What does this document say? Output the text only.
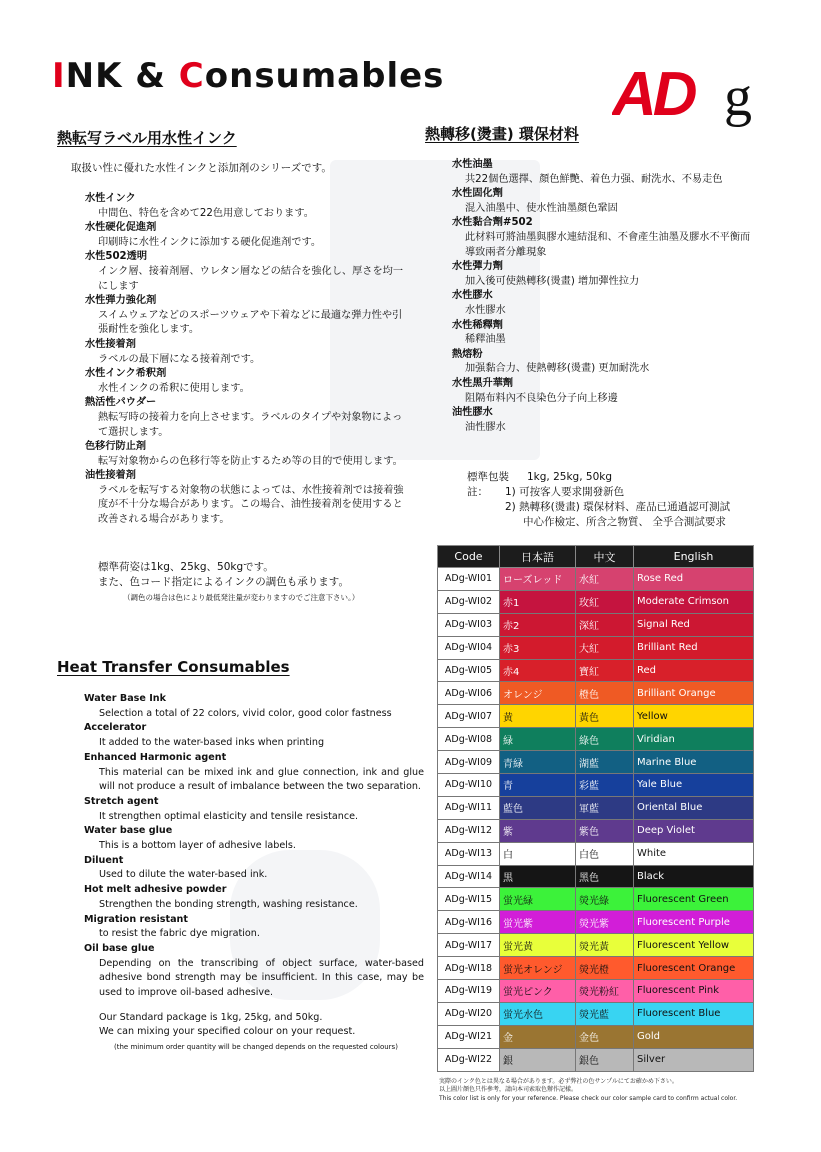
INK & Consumables	AD g
熱転写ラベル用水性インク
取扱い性に優れた水性インクと添加剤のシリーズです。
水性インク
中間色、特色を含めて22色用意しております。
水性硬化促進剤
印刷時に水性インクに添加する硬化促進剤です。
水性502透明
インク層、接着剤層、ウレタン層などの結合を強化し、厚さを均一にします
水性弾力強化剤
スイムウェアなどのスポーツウェアや下着などに最適な弾力性や引張耐性を強化します。
水性接着剤
ラベルの最下層になる接着剤です。
水性インク希釈剤
水性インクの希釈に使用します。
熱活性パウダー
熱転写時の接着力を向上させます。ラベルのタイプや対象物によって選択します。
色移行防止剤
転写対象物からの色移行等を防止するため等の目的で使用します。
油性接着剤
ラベルを転写する対象物の状態によっては、水性接着剤では接着強度が不十分な場合があります。この場合、油性接着剤を使用すると改善される場合があります。
標準荷姿は1kg、25kg、50kgです。
また、色コード指定によるインクの調色も承ります。
（調色の場合は色により最低発注量が変わりますのでご注意下さい。）
Heat Transfer Consumables
Water Base Ink
Selection a total of 22 colors, vivid color, good color fastness
Accelerator
It added to the water-based inks when printing
Enhanced Harmonic agent
This material can be mixed ink and glue connection, ink and glue will not produce a result of imbalance between the two separation.
Stretch agent
It strengthen optimal elasticity and tensile resistance.
Water base glue
This is a bottom layer of adhesive labels.
Diluent
Used to dilute the water-based ink.
Hot melt adhesive powder
Strengthen the bonding strength, washing resistance.
Migration resistant
to resist the fabric dye migration.
Oil base glue
Depending on the transcribing of object surface, water-based adhesive bond strength may be insufficient. In this case, may be used to improve oil-based adhesive.
Our Standard package is 1kg, 25kg, and 50kg.
We can mixing your specified colour on your request.
(the minimum order quantity will be changed depends on the requested colours)
熱轉移(燙畫) 環保材料
水性油墨
共22個色選擇、顏色鮮艷、着色力强、耐洗水、不易走色
水性固化劑
混入油墨中、使水性油墨顏色鞏固
水性黏合劑#502
此材料可將油墨與膠水連結混和、不會產生油墨及膠水不平衡而導致兩者分離現象
水性彈力劑
加入後可使熱轉移(燙畫) 增加彈性拉力
水性膠水
水性膠水
水性稀釋劑
稀釋油墨
熱熔粉
加强黏合力、使熱轉移(燙畫) 更加耐洗水
水性黑升華劑
阻隔布料內不良染色分子向上移邊
油性膠水
油性膠水
標準包裝	1kg, 25kg, 50kg
註：	1) 可按客人要求開發新色
2) 熱轉移(燙畫) 環保材料、產品已通過認可測試
中心作檢定、所含之物質、 全乎合測試要求
Code	日本語	中文	English
ADg-WI01	ローズレッド	水紅	Rose Red
ADg-WI02	赤1	玫紅	Moderate Crimson
ADg-WI03	赤2	深紅	Signal Red
ADg-WI04	赤3	大紅	Brilliant Red
ADg-WI05	赤4	寶紅	Red
ADg-WI06	オレンジ	橙色	Brilliant Orange
ADg-WI07	黄	黃色	Yellow
ADg-WI08	緑	綠色	Viridian
ADg-WI09	青緑	湖藍	Marine Blue
ADg-WI10	青	彩藍	Yale Blue
ADg-WI11	藍色	軍藍	Oriental Blue
ADg-WI12	紫	紫色	Deep Violet
ADg-WI13	白	白色	White
ADg-WI14	黒	黑色	Black
ADg-WI15	蛍光緑	熒光綠	Fluorescent Green
ADg-WI16	蛍光紫	熒光紫	Fluorescent Purple
ADg-WI17	蛍光黄	熒光黃	Fluorescent Yellow
ADg-WI18	蛍光オレンジ	熒光橙	Fluorescent Orange
ADg-WI19	蛍光ピンク	熒光粉紅	Fluorescent Pink
ADg-WI20	蛍光水色	熒光藍	Fluorescent Blue
ADg-WI21	金	金色	Gold
ADg-WI22	銀	銀色	Silver
実際のインク色とは異なる場合があります。必ず弊社の色サンプルにてお確かめ下さい。
以上圖片顏色只作參考，請向本司索取色辦作記樣。
This color list is only for your reference. Please check our color sample card to confirm actual color.
